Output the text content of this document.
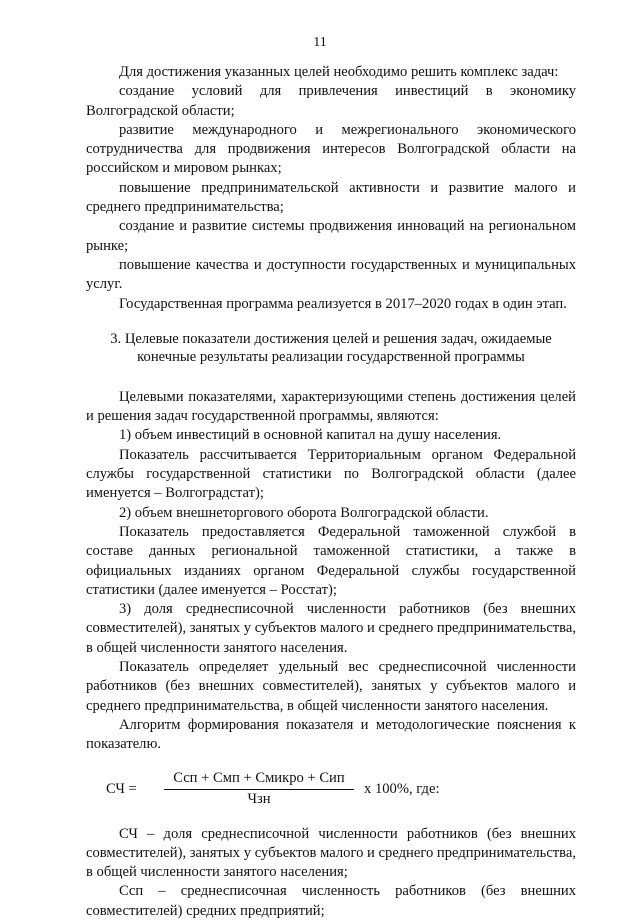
11

Для достижения указанных целей необходимо решить комплекс задач:

создание условий для привлечения инвестиций в экономику Волгоградской области;

развитие международного и межрегионального экономического сотрудничества для продвижения интересов Волгоградской области на российском и мировом рынках;

повышение предпринимательской активности и развитие малого и среднего предпринимательства;

создание и развитие системы продвижения инноваций на региональном рынке;

повышение качества и доступности государственных и муниципальных услуг.

Государственная программа реализуется в 2017–2020 годах в один этап.

3. Целевые показатели достижения целей и решения задач, ожидаемые
конечные результаты реализации государственной программы

Целевыми показателями, характеризующими степень достижения целей и решения задач государственной программы, являются:

1) объем инвестиций в основной капитал на душу населения.

Показатель рассчитывается Территориальным органом Федеральной службы государственной статистики по Волгоградской области (далее именуется – Волгоградстат);

2) объем внешнеторгового оборота Волгоградской области.

Показатель предоставляется Федеральной таможенной службой в составе данных региональной таможенной статистики, а также в официальных изданиях органом Федеральной службы государственной статистики (далее именуется – Росстат);

3) доля среднесписочной численности работников (без внешних совместителей), занятых у субъектов малого и среднего предпринимательства, в общей численности занятого населения.

Показатель определяет удельный вес среднесписочной численности работников (без внешних совместителей), занятых у субъектов малого и среднего предпринимательства, в общей численности занятого населения.

Алгоритм формирования показателя и методологические пояснения к показателю.

СЧ =
Ссп + Смп + Смикро + Сип
Чзн
x 100%, где:

СЧ – доля среднесписочной численности работников (без внешних совместителей), занятых у субъектов малого и среднего предпринимательства, в общей численности занятого населения;

Ссп – среднесписочная численность работников (без внешних совместителей) средних предприятий;
